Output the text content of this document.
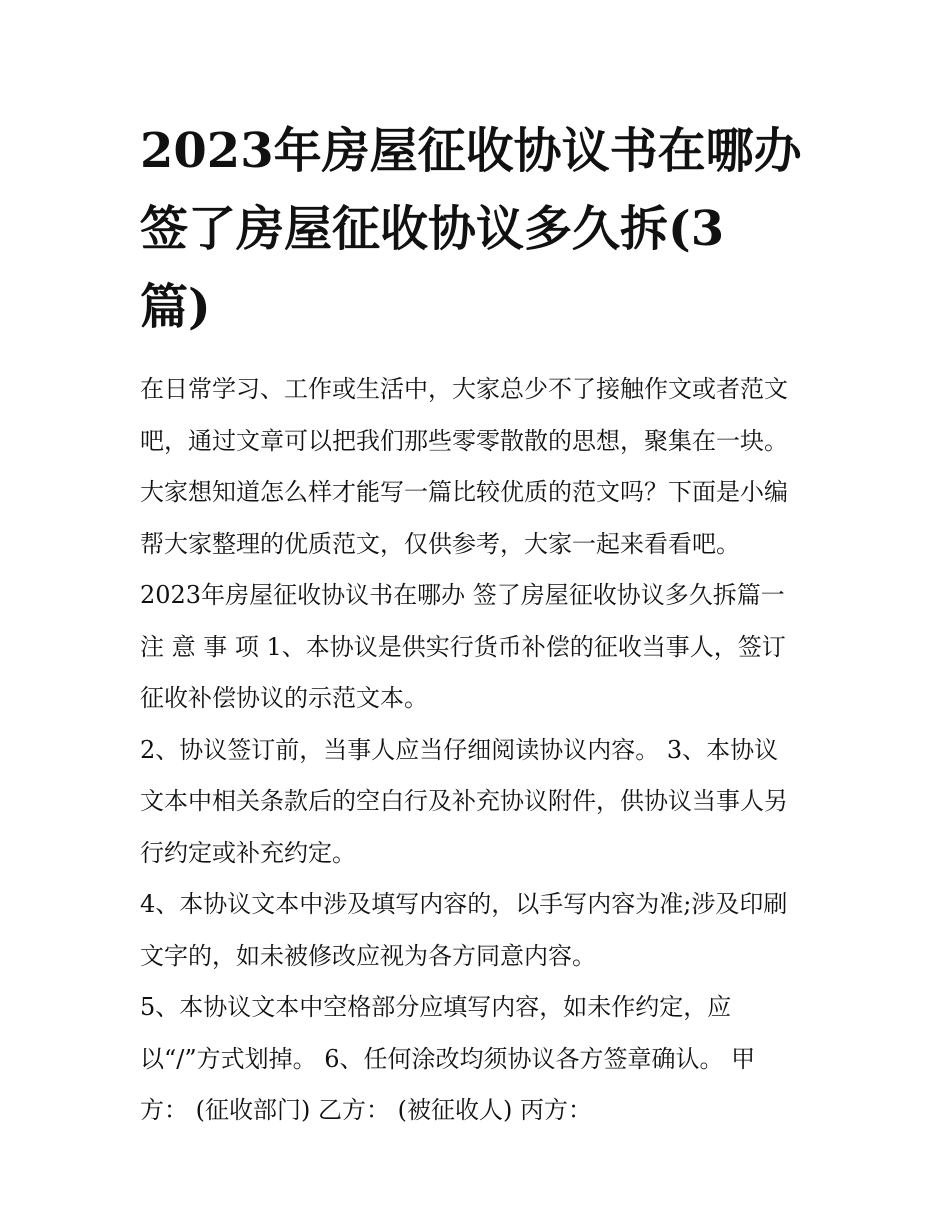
2023年房屋征收协议书在哪办
签了房屋征收协议多久拆(3
篇)
在日常学习、工作或生活中，大家总少不了接触作文或者范文
吧，通过文章可以把我们那些零零散散的思想，聚集在一块。
大家想知道怎么样才能写一篇比较优质的范文吗？下面是小编
帮大家整理的优质范文，仅供参考，大家一起来看看吧。
2023年房屋征收协议书在哪办 签了房屋征收协议多久拆篇一
注 意 事 项 1、本协议是供实行货币补偿的征收当事人，签订
征收补偿协议的示范文本。
2、协议签订前，当事人应当仔细阅读协议内容。 3、本协议
文本中相关条款后的空白行及补充协议附件，供协议当事人另
行约定或补充约定。
4、本协议文本中涉及填写内容的，以手写内容为准;涉及印刷
文字的，如未被修改应视为各方同意内容。
5、本协议文本中空格部分应填写内容，如未作约定，应
以“/”方式划掉。 6、任何涂改均须协议各方签章确认。 甲
方： (征收部门) 乙方： (被征收人) 丙方：
